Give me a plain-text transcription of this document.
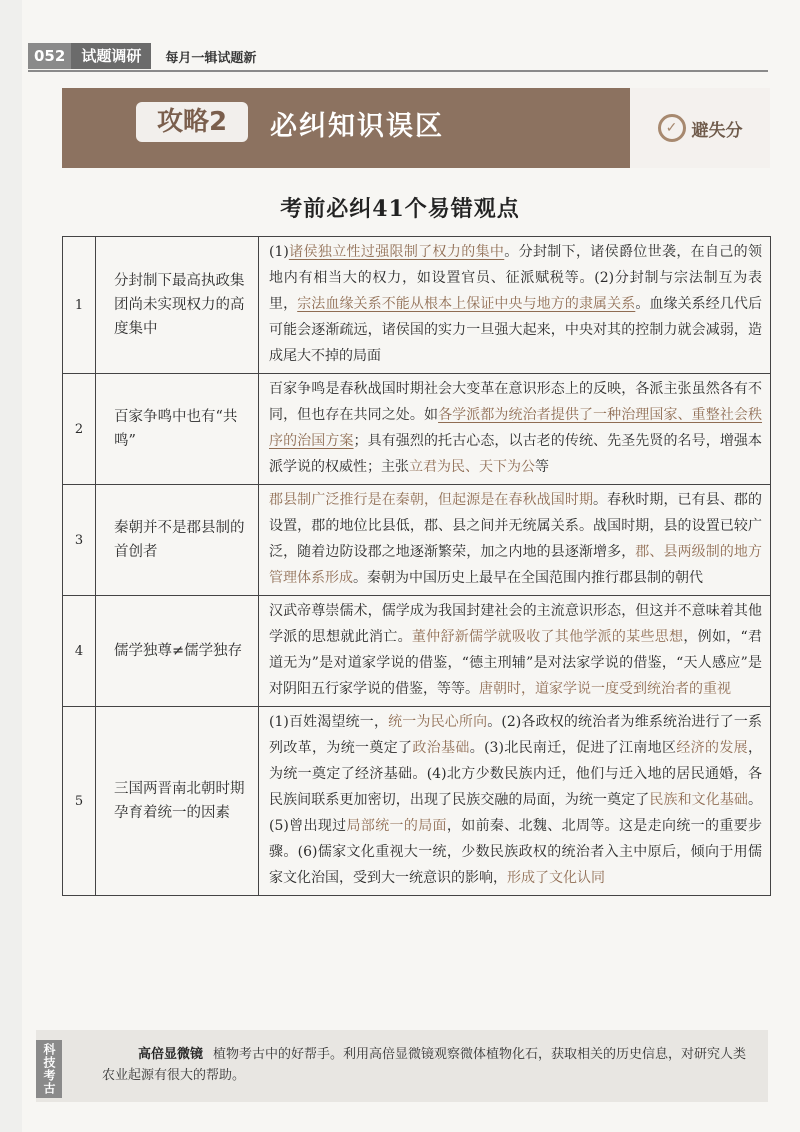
052	试题调研	每月一辑试题新
攻略2	必纠知识误区	✓ 避失分
考前必纠41个易错观点
1	分封制下最高执政集团尚未实现权力的高度集中	(1)诸侯独立性过强限制了权力的集中。分封制下，诸侯爵位世袭，在自己的领地内有相当大的权力，如设置官员、征派赋税等。(2)分封制与宗法制互为表里，宗法血缘关系不能从根本上保证中央与地方的隶属关系。血缘关系经几代后可能会逐渐疏远，诸侯国的实力一旦强大起来，中央对其的控制力就会减弱，造成尾大不掉的局面
2	百家争鸣中也有“共鸣”	百家争鸣是春秋战国时期社会大变革在意识形态上的反映，各派主张虽然各有不同，但也存在共同之处。如各学派都为统治者提供了一种治理国家、重整社会秩序的治国方案；具有强烈的托古心态，以古老的传统、先圣先贤的名号，增强本派学说的权威性；主张立君为民、天下为公等
3	秦朝并不是郡县制的首创者	郡县制广泛推行是在秦朝，但起源是在春秋战国时期。春秋时期，已有县、郡的设置，郡的地位比县低，郡、县之间并无统属关系。战国时期，县的设置已较广泛，随着边防设郡之地逐渐繁荣，加之内地的县逐渐增多，郡、县两级制的地方管理体系形成。秦朝为中国历史上最早在全国范围内推行郡县制的朝代
4	儒学独尊≠儒学独存	汉武帝尊崇儒术，儒学成为我国封建社会的主流意识形态，但这并不意味着其他学派的思想就此消亡。董仲舒新儒学就吸收了其他学派的某些思想，例如，“君道无为”是对道家学说的借鉴，“德主刑辅”是对法家学说的借鉴，“天人感应”是对阴阳五行家学说的借鉴，等等。唐朝时，道家学说一度受到统治者的重视
5	三国两晋南北朝时期孕育着统一的因素	(1)百姓渴望统一，统一为民心所向。(2)各政权的统治者为维系统治进行了一系列改革，为统一奠定了政治基础。(3)北民南迁，促进了江南地区经济的发展，为统一奠定了经济基础。(4)北方少数民族内迁，他们与迁入地的居民通婚，各民族间联系更加密切，出现了民族交融的局面，为统一奠定了民族和文化基础。(5)曾出现过局部统一的局面，如前秦、北魏、北周等。这是走向统一的重要步骤。(6)儒家文化重视大一统，少数民族政权的统治者入主中原后，倾向于用儒家文化治国，受到大一统意识的影响，形成了文化认同
科技考古	高倍显微镜 植物考古中的好帮手。利用高倍显微镜观察微体植物化石，获取相关的历史信息，对研究人类农业起源有很大的帮助。
